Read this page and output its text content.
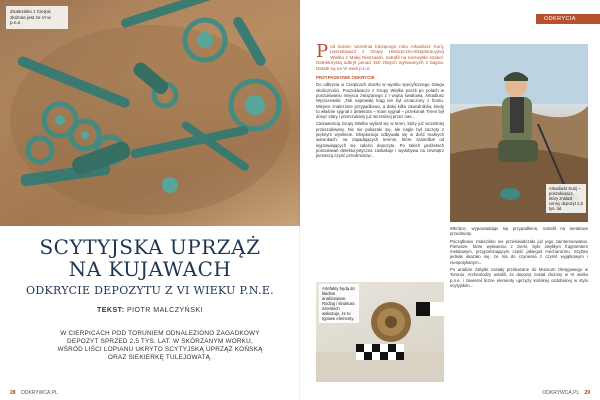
Znalezisko z Cierpic złożone jest ze VI w. p.n.e.
SCYTYJSKA UPRZĄŻ
NA KUJAWACH
ODKRYCIE DEPOZYTU Z VI WIEKU P.N.E.
TEKST: PIOTR MAŁCZYŃSKI
W CIERPICACH POD TORUNIEM ODNALEZIONO ZAGADKOWY DEPOZYT SPRZED 2,5 TYS. LAT. W SKÓRZANYM WORKU, WŚRÓD LIŚCI LOPIANU UKRYTO SCYTYJSKĄ UPRZĄŻ KOŃSKĄ ORAZ SIEKIERKĘ TULEJOWATĄ.
28 ODKRYWCA.PL
ODKRYCIA
P od koniec września bieżącego roku Arkadiusz Kurij, poszukiwacz z Grupy Historyczno-Eksploracyjnej Wielka z Małej Nieszawki, natrafił na niezwykłe szabel. Detektorystą odkrył ponad 150 złotych wyłowanych z bagna. Detale są na VI wiek p.n.e.

PRZYPADKOWE ODKRYCIE

Do odkrycia w Cierpicach doszło w wyniku specyficznego zbiegu okoliczności. Poszukiwacze z Grupy Wielka poszli po polach w poszukiwaniu miejsca związanego z I wojną światową. Arkadiusz Wyciszewski: „Tak naprawdę krąg ten był oznaczony z frontu. Miejsce znalezione przypadkowo, a dalej kilku zawodników, kiedy to właśnie sygnał z detektora – mam sygnał – przekonał. Teren był dosyć stary i przeszukany już wcześniej przez nas...

Ciekawością Grupy Wielka wybrał się w teren, który już wcześniej przeszukiwany. Nic nie pokazało się, ale nagle był zaczęty z pięknym wynikiem. Eksploracja odbywała się w dość trudnych warunkach: na zapadających terenie, które zaniedbał od wyprawiających się całości depozytu. Po takich gedżetach poszukiwań detektorystyczna zaskakuje i wydobywa na zewnątrz pierwszą część przedmiotów...

Arkadiusz Kurij – poszukiwacz, który znalazł cenny depozyt 2,5 tys. lat.

Wkrótce, wypowiadając się przypadkiem, natrafił na metalowe przedmioty.

Początkowo znalezisko nie przeświadczało już jego zainteresowania. Pierwsze, które wyłowiono z ziemi, było zwykłym fragmentem metalowym, przypominającym część jakiegoś mechanizmu. Szybko jednak okazało się, że ma do czynienia z czymś wyjątkowym i niespotykanym...

Po analizie zabytki zostały przekazane do Muzeum Okręgowego w Toruniu. Archeolodzy ustalili, że depozyt został złożony w VI wieku p.n.e. i zawierał liczne elementy uprzęży końskiej ozdobionej w stylu scytyjskim...

Artefakty będą do kładnie analizowane. Rodzaj i struktura szerokich wskazuje, że to typowe elementy.
ODKRYWCA.PL 29
